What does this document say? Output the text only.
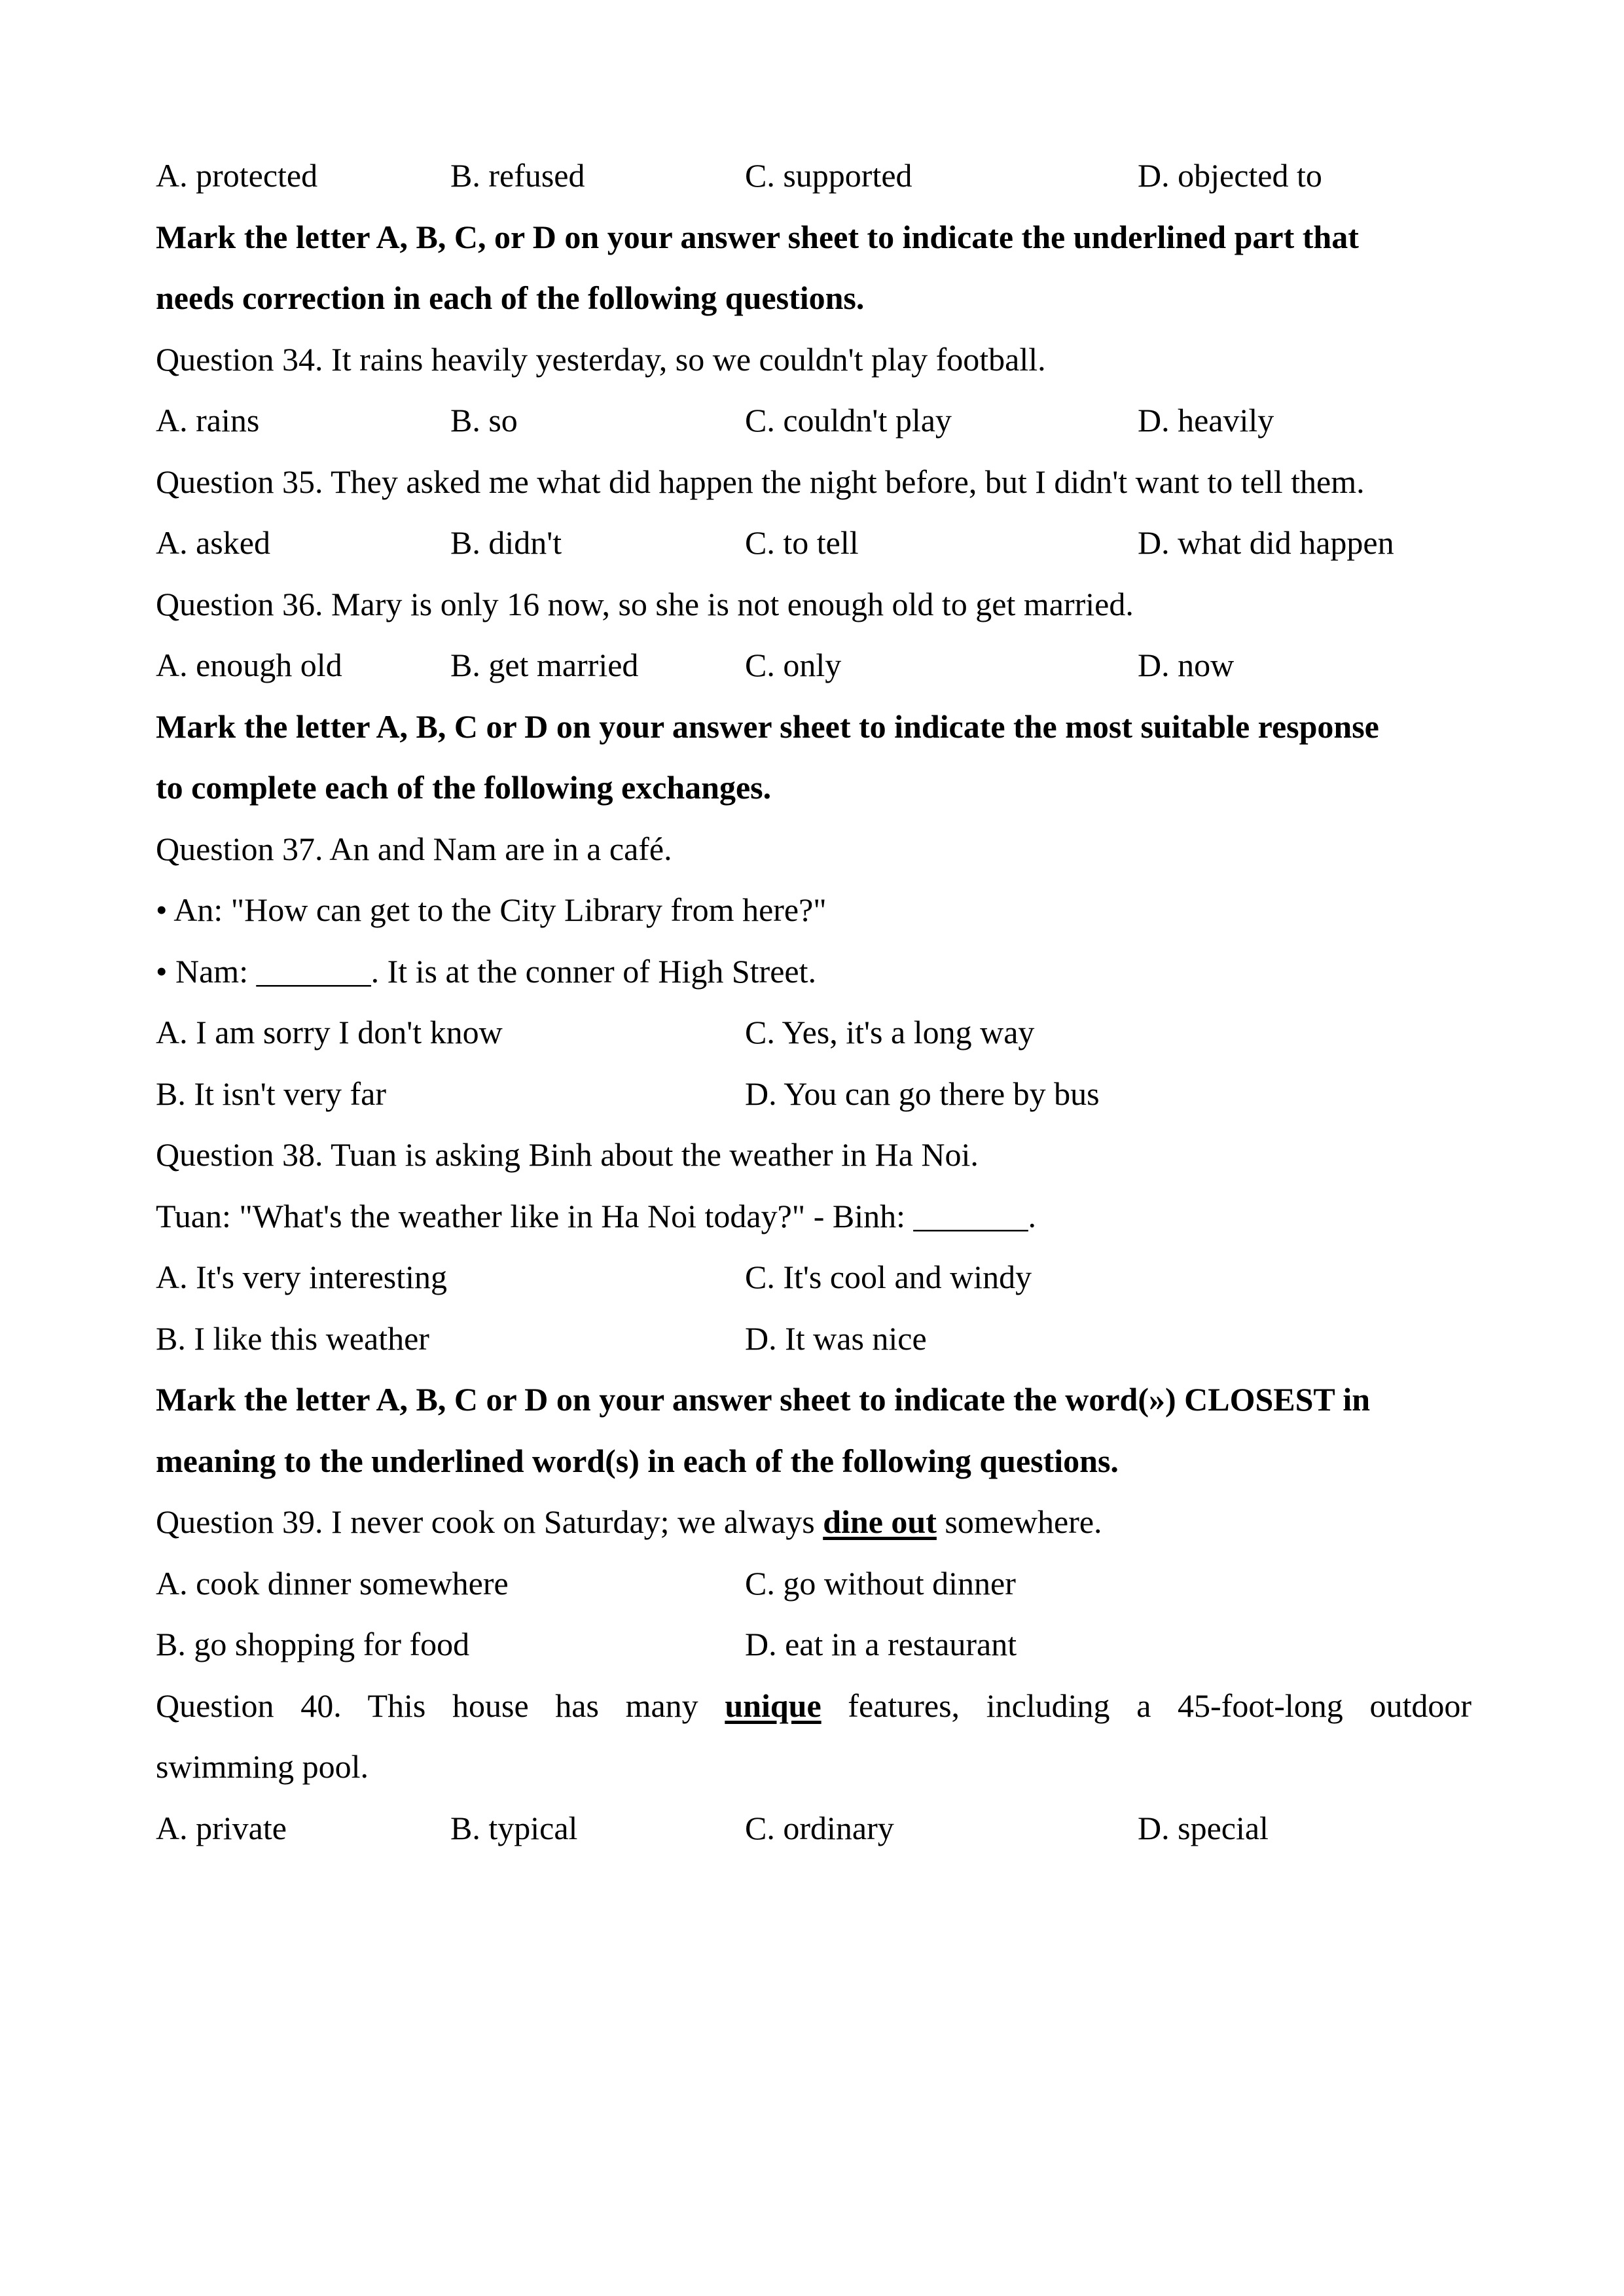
A. protected	B. refused	C. supported	D. objected to
Mark the letter A, B, C, or D on your answer sheet to indicate the underlined part that
needs correction in each of the following questions.
Question 34. It rains heavily yesterday, so we couldn't play football.
A. rains	B. so	C. couldn't play	D. heavily
Question 35. They asked me what did happen the night before, but I didn't want to tell them.
A. asked	B. didn't	C. to tell	D. what did happen
Question 36. Mary is only 16 now, so she is not enough old to get married.
A. enough old	B. get married	C. only	D. now
Mark the letter A, B, C or D on your answer sheet to indicate the most suitable response
to complete each of the following exchanges.
Question 37. An and Nam are in a café.
• An: "How can get to the City Library from here?"
• Nam: _______. It is at the conner of High Street.
A. I am sorry I don't know	C. Yes, it's a long way
B. It isn't very far	D. You can go there by bus
Question 38. Tuan is asking Binh about the weather in Ha Noi.
Tuan: "What's the weather like in Ha Noi today?" - Binh: _______.
A. It's very interesting	C. It's cool and windy
B. I like this weather	D. It was nice
Mark the letter A, B, C or D on your answer sheet to indicate the word(») CLOSEST in
meaning to the underlined word(s) in each of the following questions.
Question 39. I never cook on Saturday; we always dine out somewhere.
A. cook dinner somewhere	C. go without dinner
B. go shopping for food	D. eat in a restaurant
Question 40. This house has many unique features, including a 45-foot-long outdoor
swimming pool.
A. private	B. typical	C. ordinary	D. special
